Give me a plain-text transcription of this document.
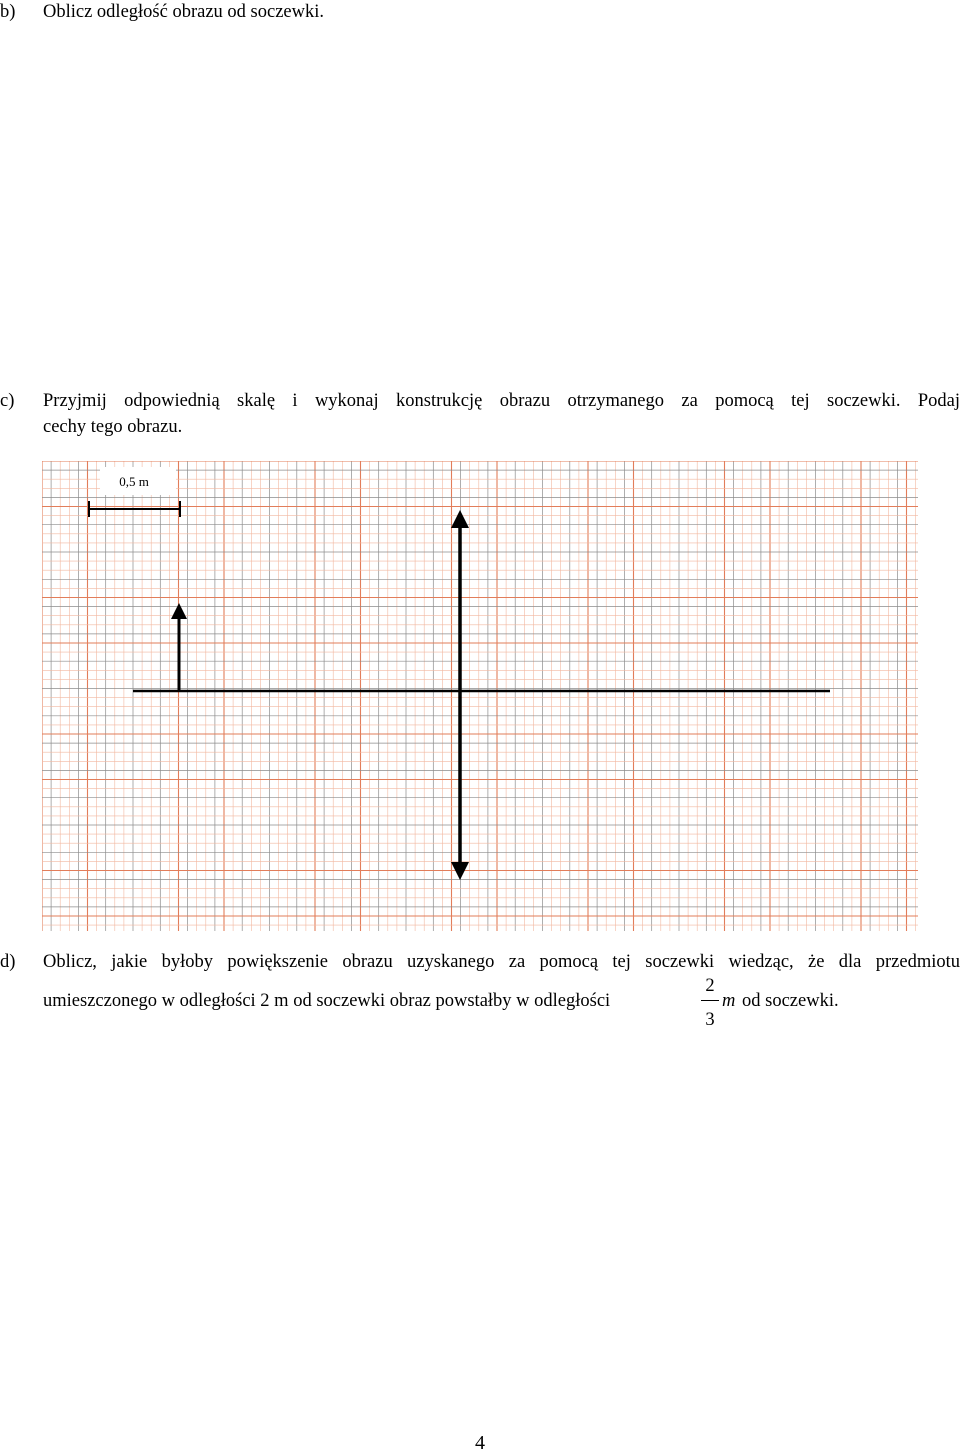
b) Oblicz odległość obrazu od soczewki.
c) Przyjmij odpowiednią skalę i wykonaj konstrukcję obrazu otrzymanego za pomocą tej soczewki. Podaj
cechy tego obrazu.
0,5 m
d) Oblicz, jakie byłoby powiększenie obrazu uzyskanego za pomocą tej soczewki wiedząc, że dla przedmiotu
umieszczonego w odległości 2 m od soczewki obraz powstałby w odległości
2
3
m od soczewki.
4
